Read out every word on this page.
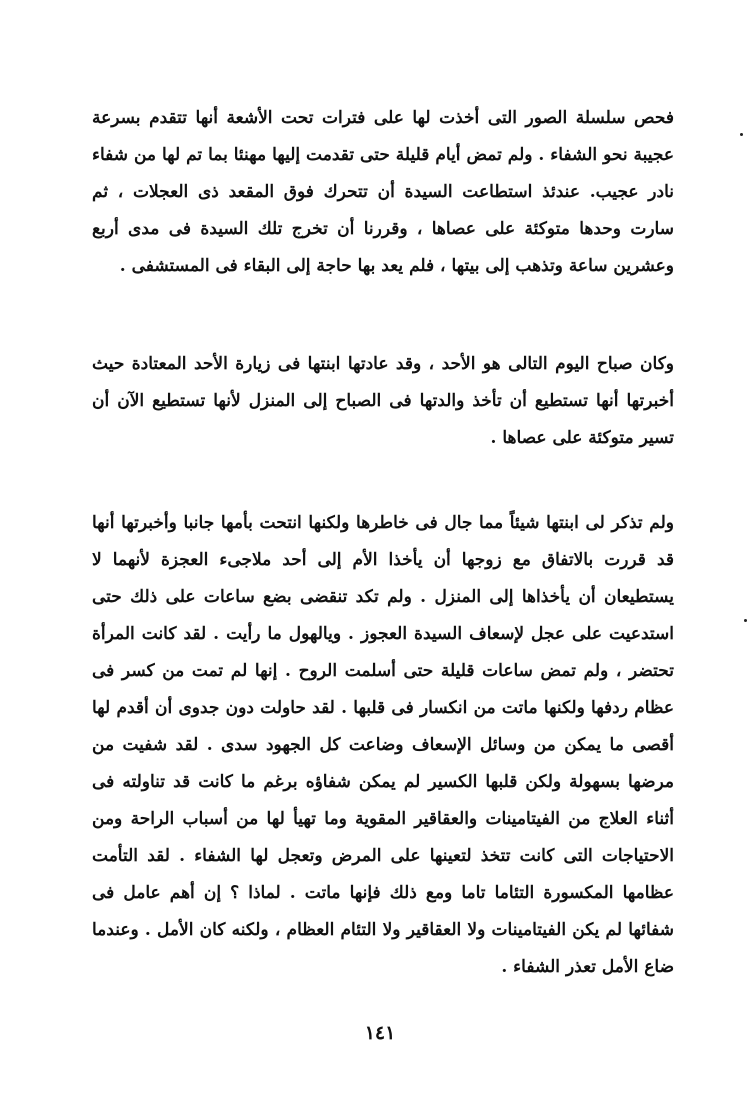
فحص سلسلة الصور التى أخذت لها على فترات تحت الأشعة أنها تتقدم بسرعة عجيبة نحو الشفاء . ولم تمض أيام قليلة حتى تقدمت إليها مهنئا بما تم لها من شفاء نادر عجيب. عندئذ استطاعت السيدة أن تتحرك فوق المقعد ذى العجلات ، ثم سارت وحدها متوكئة على عصاها ، وقررنا أن تخرج تلك السيدة فى مدى أربع وعشرين ساعة وتذهب إلى بيتها ، فلم يعد بها حاجة إلى البقاء فى المستشفى .

وكان صباح اليوم التالى هو الأحد ، وقد عادتها ابنتها فى زيارة الأحد المعتادة حيث أخبرتها أنها تستطيع أن تأخذ والدتها فى الصباح إلى المنزل لأنها تستطيع الآن أن تسير متوكئة على عصاها .

ولم تذكر لى ابنتها شيئاً مما جال فى خاطرها ولكنها انتحت بأمها جانبا وأخبرتها أنها قد قررت بالاتفاق مع زوجها أن يأخذا الأم إلى أحد ملاجىء العجزة لأنهما لا يستطيعان أن يأخذاها إلى المنزل . ولم تكد تنقضى بضع ساعات على ذلك حتى استدعيت على عجل لإسعاف السيدة العجوز . ويالهول ما رأيت . لقد كانت المرأة تحتضر ، ولم تمض ساعات قليلة حتى أسلمت الروح . إنها لم تمت من كسر فى عظام ردفها ولكنها ماتت من انكسار فى قلبها . لقد حاولت دون جدوى أن أقدم لها أقصى ما يمكن من وسائل الإسعاف وضاعت كل الجهود سدى . لقد شفيت من مرضها بسهولة ولكن قلبها الكسير لم يمكن شفاؤه برغم ما كانت قد تناولته فى أثناء العلاج من الفيتامينات والعقاقير المقوية وما تهيأ لها من أسباب الراحة ومن الاحتياجات التى كانت تتخذ لتعينها على المرض وتعجل لها الشفاء . لقد التأمت عظامها المكسورة التئاما تاما ومع ذلك فإنها ماتت . لماذا ؟ إن أهم عامل فى شفائها لم يكن الفيتامينات ولا العقاقير ولا التئام العظام ، ولكنه كان الأمل . وعندما ضاع الأمل تعذر الشفاء .

١٤١
